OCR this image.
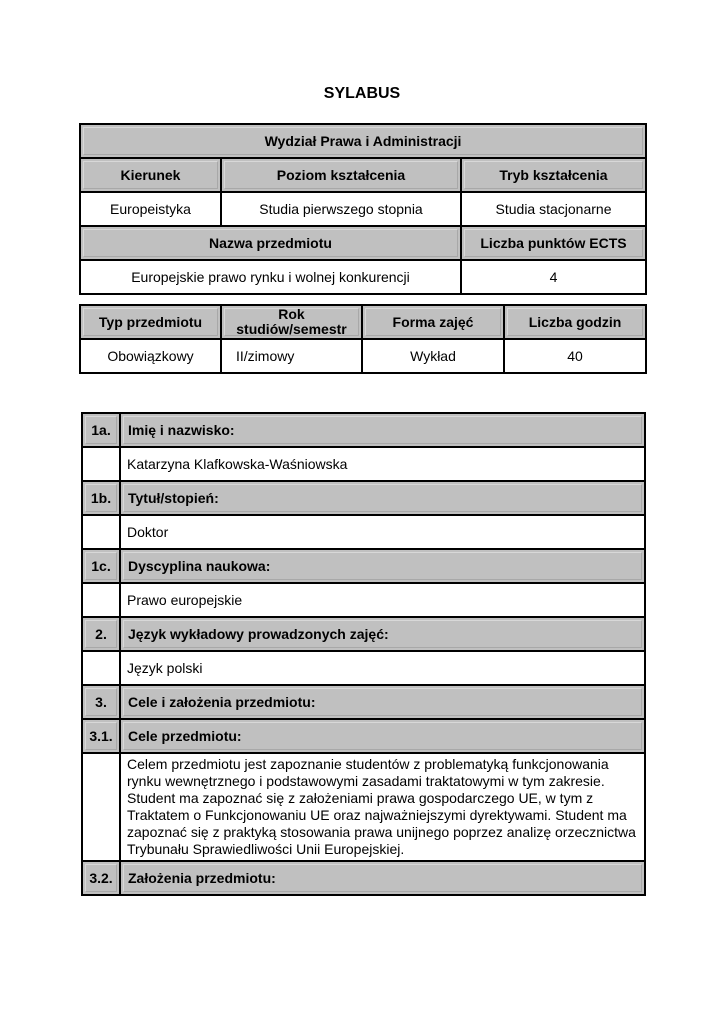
SYLABUS
Wydział Prawa i Administracji		

Kierunek	Poziom kształcenia	Tryb kształcenia

Europeistyka	Studia pierwszego stopnia	Studia stacjonarne

Nazwa przedmiotu		Liczba punktów ECTS

Europejskie prawo rynku i wolnej konkurencji		4
Typ przedmiotu	Rok studiów/semestr	Forma zajęć	Liczba godzin

Obowiązkowy	II/zimowy	Wykład	40
1a.	Imię i nazwisko:

	Katarzyna Klafkowska-Waśniowska

1b.	Tytuł/stopień:

	Doktor

1c.	Dyscyplina naukowa:

	Prawo europejskie

2.	Język wykładowy prowadzonych zajęć:

	Język polski

3.	Cele i założenia przedmiotu:

3.1.	Cele przedmiotu:

	Celem przedmiotu jest zapoznanie studentów z problematyką funkcjonowania rynku wewnętrznego i podstawowymi zasadami traktatowymi w tym zakresie. Student ma zapoznać się z założeniami prawa gospodarczego UE, w tym z Traktatem o Funkcjonowaniu UE oraz najważniejszymi dyrektywami. Student ma zapoznać się z praktyką stosowania prawa unijnego poprzez analizę orzecznictwa Trybunału Sprawiedliwości Unii Europejskiej.

3.2.	Założenia przedmiotu:
